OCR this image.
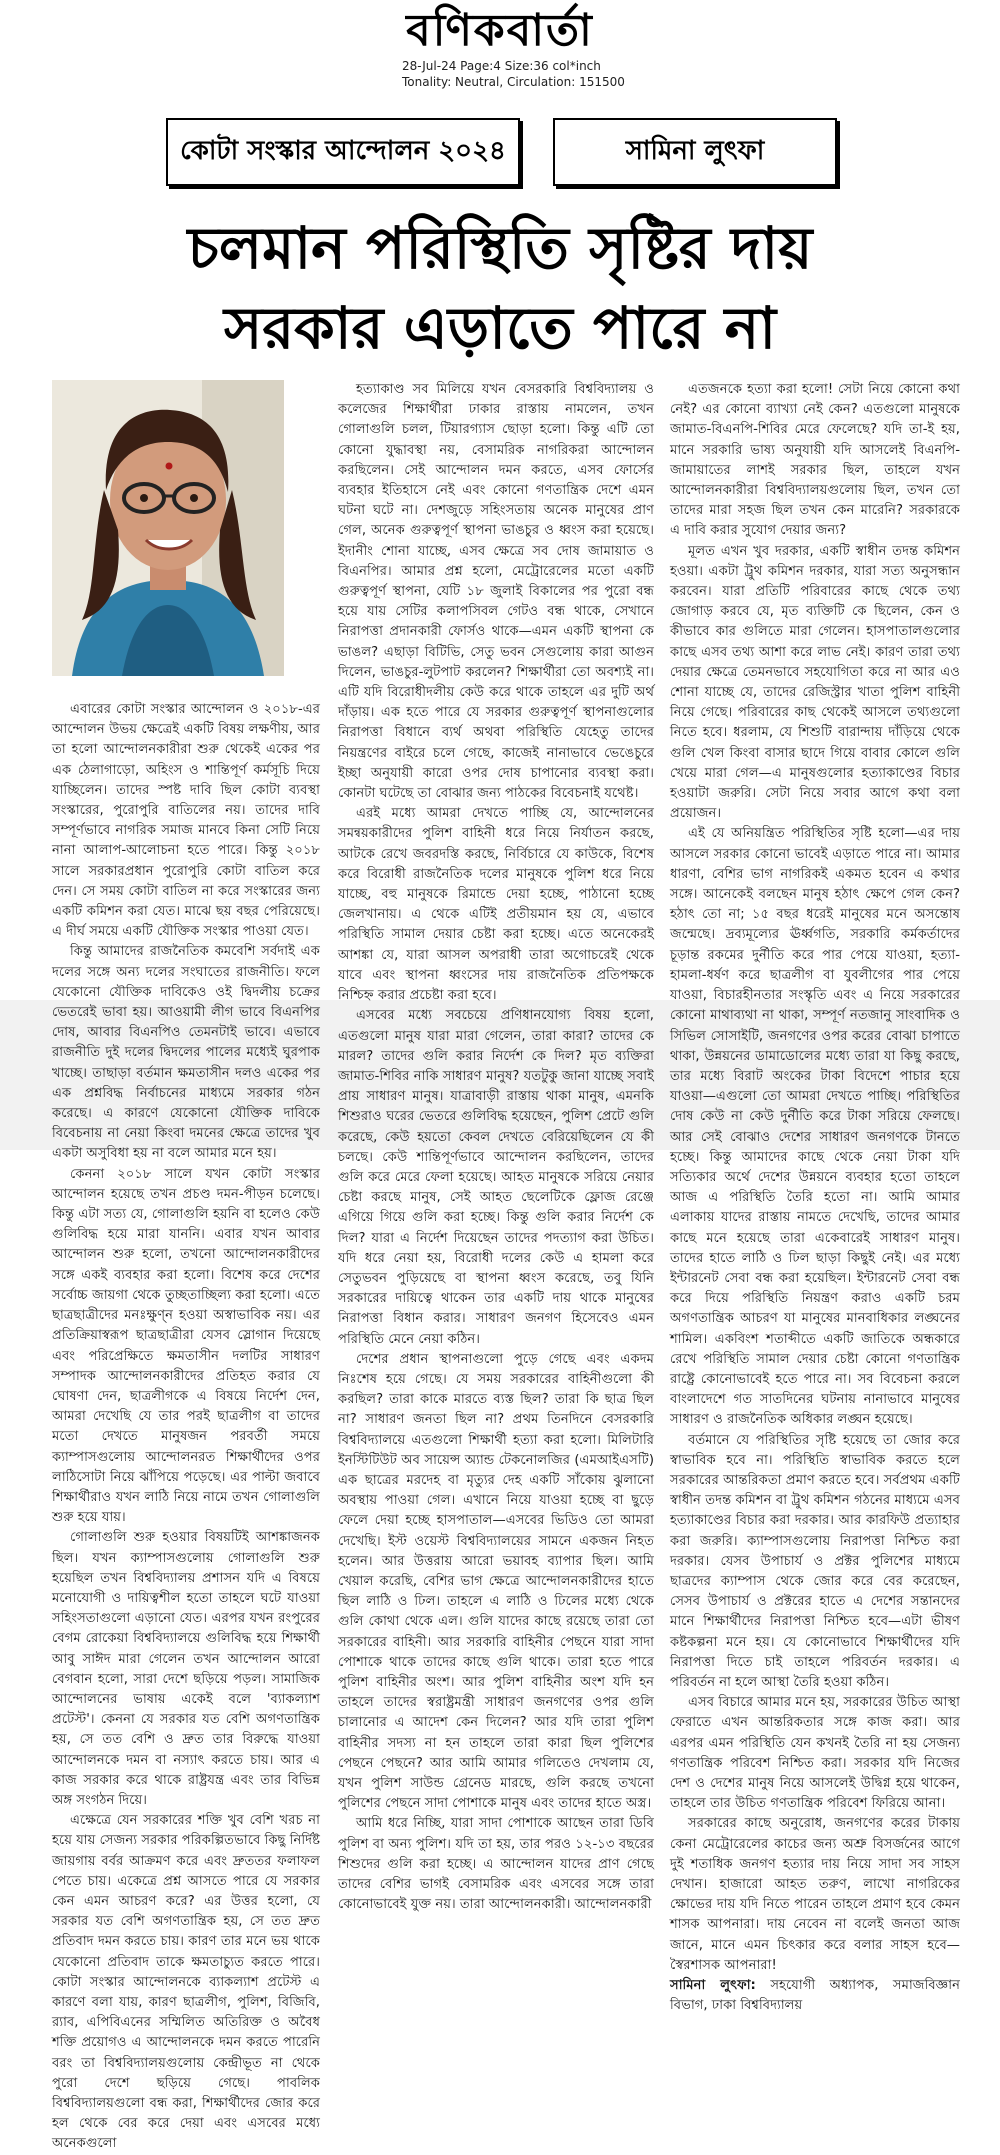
বণিকবার্তা
28-Jul-24 Page:4 Size:36 col*inch
Tonality: Neutral, Circulation: 151500
কোটা সংস্কার আন্দোলন ২০২৪	সামিনা লুৎফা
চলমান পরিস্থিতি সৃষ্টির দায়
সরকার এড়াতে পারে না

এবারের কোটা সংস্কার আন্দোলন ও ২০১৮-এর আন্দোলন উভয় ক্ষেত্রেই একটি বিষয় লক্ষণীয়, আর তা হলো আন্দোলনকারীরা শুরু থেকেই একের পর এক ঠেলাগাড়ো, অহিংস ও শান্তিপূর্ণ কর্মসূচি দিয়ে যাচ্ছিলেন। তাদের স্পষ্ট দাবি ছিল কোটা ব্যবস্থা সংস্কারের, পুরোপুরি বাতিলের নয়। তাদের দাবি সম্পূর্ণভাবে নাগরিক সমাজ মানবে কিনা সেটি নিয়ে নানা আলাপ-আলোচনা হতে পারে। কিন্তু ২০১৮ সালে সরকারপ্রধান পুরোপুরি কোটা বাতিল করে দেন। সে সময় কোটা বাতিল না করে সংস্কারের জন্য একটি কমিশন করা যেত। মাঝে ছয় বছর পেরিয়েছে। এ দীর্ঘ সময়ে একটি যৌক্তিক সংস্কার পাওয়া যেত।

কিন্তু আমাদের রাজনৈতিক কমবেশি সর্বদাই এক দলের সঙ্গে অন্য দলের সংঘাতের রাজনীতি। ফলে যেকোনো যৌক্তিক দাবিকেও ওই দ্বিদলীয় চক্রের ভেতরেই ভাবা হয়। আওয়ামী লীগ ভাবে বিএনপির দোষ, আবার বিএনপিও তেমনটাই ভাবে। এভাবে রাজনীতি দুই দলের দ্বিদলের পালের মধ্যেই ঘুরপাক খাচ্ছে। তাছাড়া বর্তমান ক্ষমতাসীন দলও একের পর এক প্রশ্নবিদ্ধ নির্বাচনের মাধ্যমে সরকার গঠন করেছে। এ কারণে যেকোনো যৌক্তিক দাবিকে বিবেচনায় না নেয়া কিংবা দমনের ক্ষেত্রে তাদের খুব একটা অসুবিধা হয় না বলে আমার মনে হয়।

কেননা ২০১৮ সালে যখন কোটা সংস্কার আন্দোলন হয়েছে তখন প্রচণ্ড দমন-পীড়ন চলেছে। কিন্তু এটা সত্য যে, গোলাগুলি হয়নি বা হলেও কেউ গুলিবিদ্ধ হয়ে মারা যাননি। এবার যখন আবার আন্দোলন শুরু হলো, তখনো আন্দোলনকারীদের সঙ্গে একই ব্যবহার করা হলো। বিশেষ করে দেশের সর্বোচ্চ জায়গা থেকে তুচ্ছতাচ্ছিল্য করা হলো। এতে ছাত্রছাত্রীদের মনঃক্ষুণ্ন হওয়া অস্বাভাবিক নয়। এর প্রতিক্রিয়াস্বরূপ ছাত্রছাত্রীরা যেসব স্লোগান দিয়েছে এবং পরিপ্রেক্ষিতে ক্ষমতাসীন দলটির সাধারণ সম্পাদক আন্দোলনকারীদের প্রতিহত করার যে ঘোষণা দেন, ছাত্রলীগকে এ বিষয়ে নির্দেশ দেন, আমরা দেখেছি যে তার পরই ছাত্রলীগ বা তাদের মতো দেখতে মানুষজন পরবর্তী সময়ে ক্যাম্পাসগুলোয় আন্দোলনরত শিক্ষার্থীদের ওপর লাঠিসোটা নিয়ে ঝাঁপিয়ে পড়েছে। এর পাল্টা জবাবে শিক্ষার্থীরাও যখন লাঠি নিয়ে নামে তখন গোলাগুলি শুরু হয়ে যায়।

গোলাগুলি শুরু হওয়ার বিষয়টিই আশঙ্কাজনক ছিল। যখন ক্যাম্পাসগুলোয় গোলাগুলি শুরু হয়েছিল তখন বিশ্ববিদ্যালয় প্রশাসন যদি এ বিষয়ে মনোযোগী ও দায়িত্বশীল হতো তাহলে ঘটে যাওয়া সহিংসতাগুলো এড়ানো যেত। এরপর যখন রংপুরের বেগম রোকেয়া বিশ্ববিদ্যালয়ে গুলিবিদ্ধ হয়ে শিক্ষার্থী আবু সাঈদ মারা গেলেন তখন আন্দোলন আরো বেগবান হলো, সারা দেশে ছড়িয়ে পড়ল। সামাজিক আন্দোলনের ভাষায় একেই বলে 'ব্যাকল্যাশ প্রটেস্ট'। কেননা যে সরকার যত বেশি অগণতান্ত্রিক হয়, সে তত বেশি ও দ্রুত তার বিরুদ্ধে যাওয়া আন্দোলনকে দমন বা নস্যাৎ করতে চায়। আর এ কাজ সরকার করে থাকে রাষ্ট্রযন্ত্র এবং তার বিভিন্ন অঙ্গ সংগঠন দিয়ে।

এক্ষেত্রে যেন সরকারের শক্তি খুব বেশি খরচ না হয়ে যায় সেজন্য সরকার পরিকল্পিতভাবে কিছু নির্দিষ্ট জায়গায় বর্বর আক্রমণ করে এবং দ্রুততর ফলাফল পেতে চায়। একেত্রে প্রশ্ন আসতে পারে যে সরকার কেন এমন আচরণ করে? এর উত্তর হলো, যে সরকার যত বেশি অগণতান্ত্রিক হয়, সে তত দ্রুত প্রতিবাদ দমন করতে চায়। কারণ তার মনে ভয় থাকে যেকোনো প্রতিবাদ তাকে ক্ষমতাচ্যুত করতে পারে। কোটা সংস্কার আন্দোলনকে ব্যাকল্যাশ প্রটেস্ট এ কারণে বলা যায়, কারণ ছাত্রলীগ, পুলিশ, বিজিবি, র‍্যাব, এপিবিএনের সম্মিলিত অতিরিক্ত ও অবৈধ শক্তি প্রয়োগও এ আন্দোলনকে দমন করতে পারেনি বরং তা বিশ্ববিদ্যালয়গুলোয় কেন্দ্রীভূত না থেকে পুরো দেশে ছড়িয়ে গেছে। পাবলিক বিশ্ববিদ্যালয়গুলো বন্ধ করা, শিক্ষার্থীদের জোর করে হল থেকে বের করে দেয়া এবং এসবের মধ্যে অনেকগুলো

হত্যাকাণ্ড সব মিলিয়ে যখন বেসরকারি বিশ্ববিদ্যালয় ও কলেজের শিক্ষার্থীরা ঢাকার রাস্তায় নামলেন, তখন গোলাগুলি চলল, টিয়ারগ্যাস ছোড়া হলো। কিন্তু এটি তো কোনো যুদ্ধাবস্থা নয়, বেসামরিক নাগরিকরা আন্দোলন করছিলেন। সেই আন্দোলন দমন করতে, এসব ফোর্সের ব্যবহার ইতিহাসে নেই এবং কোনো গণতান্ত্রিক দেশে এমন ঘটনা ঘটে না। দেশজুড়ে সহিংসতায় অনেক মানুষের প্রাণ গেল, অনেক গুরুত্বপূর্ণ স্থাপনা ভাঙচুর ও ধ্বংস করা হয়েছে। ইদানীং শোনা যাচ্ছে, এসব ক্ষেত্রে সব দোষ জামায়াত ও বিএনপির। আমার প্রশ্ন হলো, মেট্রোরেলের মতো একটি গুরুত্বপূর্ণ স্থাপনা, যেটি ১৮ জুলাই বিকালের পর পুরো বন্ধ হয়ে যায় সেটির কলাপসিবল গেটও বন্ধ থাকে, সেখানে নিরাপত্তা প্রদানকারী ফোর্সও থাকে—এমন একটি স্থাপনা কে ভাঙল? এছাড়া বিটিভি, সেতু ভবন সেগুলোয় কারা আগুন দিলেন, ভাঙচুর-লুটপাট করলেন? শিক্ষার্থীরা তো অবশ্যই না। এটি যদি বিরোধীদলীয় কেউ করে থাকে তাহলে এর দুটি অর্থ দাঁড়ায়। এক হতে পারে যে সরকার গুরুত্বপূর্ণ স্থাপনাগুলোর নিরাপত্তা বিধানে ব্যর্থ অথবা পরিস্থিতি যেহেতু তাদের নিয়ন্ত্রণের বাইরে চলে গেছে, কাজেই নানাভাবে ভেঙেচুরে ইচ্ছা অনুযায়ী কারো ওপর দোষ চাপানোর ব্যবস্থা করা। কোনটা ঘটেছে তা বোঝার জন্য পাঠকের বিবেচনাই যথেষ্ট।

এরই মধ্যে আমরা দেখতে পাচ্ছি যে, আন্দোলনের সমন্বয়কারীদের পুলিশ বাহিনী ধরে নিয়ে নির্যাতন করছে, আটকে রেখে জবরদস্তি করছে, নির্বিচারে যে কাউকে, বিশেষ করে বিরোধী রাজনৈতিক দলের মানুষকে পুলিশ ধরে নিয়ে যাচ্ছে, বহু মানুষকে রিমান্ডে দেয়া হচ্ছে, পাঠানো হচ্ছে জেলখানায়। এ থেকে এটিই প্রতীয়মান হয় যে, এভাবে পরিস্থিতি সামাল দেয়ার চেষ্টা করা হচ্ছে। এতে অনেকেরই আশঙ্কা যে, যারা আসল অপরাধী তারা অগোচরেই থেকে যাবে এবং স্থাপনা ধ্বংসের দায় রাজনৈতিক প্রতিপক্ষকে নিশ্চিহ্ন করার প্রচেষ্টা করা হবে।

এসবের মধ্যে সবচেয়ে প্রণিধানযোগ্য বিষয় হলো, এতগুলো মানুষ যারা মারা গেলেন, তারা কারা? তাদের কে মারল? তাদের গুলি করার নির্দেশ কে দিল? মৃত ব্যক্তিরা জামাত-শিবির নাকি সাধারণ মানুষ? যতটুকু জানা যাচ্ছে সবাই প্রায় সাধারণ মানুষ। যাত্রাবাড়ী রাস্তায় থাকা মানুষ, এমনকি শিশুরাও ঘরের ভেতরে গুলিবিদ্ধ হয়েছেন, পুলিশ প্রেটে গুলি করেছে, কেউ হয়তো কেবল দেখতে বেরিয়েছিলেন যে কী চলছে। কেউ শান্তিপূর্ণভাবে আন্দোলন করছিলেন, তাদের গুলি করে মেরে ফেলা হয়েছে। আহত মানুষকে সরিয়ে নেয়ার চেষ্টা করছে মানুষ, সেই আহত ছেলেটিকে ফ্লোজ রেঞ্জে এগিয়ে গিয়ে গুলি করা হচ্ছে। কিন্তু গুলি করার নির্দেশ কে দিল? যারা এ নির্দেশ দিয়েছেন তাদের পদত্যাগ করা উচিত। যদি ধরে নেয়া হয়, বিরোধী দলের কেউ এ হামলা করে সেতুভবন পুড়িয়েছে বা স্থাপনা ধ্বংস করেছে, তবু যিনি সরকারের দায়িত্বে থাকেন তার একটি দায় থাকে মানুষের নিরাপত্তা বিধান করার। সাধারণ জনগণ হিসেবেও এমন পরিস্থিতি মেনে নেয়া কঠিন।

দেশের প্রধান স্থাপনাগুলো পুড়ে গেছে এবং একদম নিঃশেষ হয়ে গেছে। যে সময় সরকারের বাহিনীগুলো কী করছিল? তারা কাকে মারতে ব্যস্ত ছিল? তারা কি ছাত্র ছিল না? সাধারণ জনতা ছিল না? প্রথম তিনদিনে বেসরকারি বিশ্ববিদ্যালয়ে এতগুলো শিক্ষার্থী হত্যা করা হলো। মিলিটারি ইনস্টিটিউট অব সায়েন্স অ্যান্ড টেকনোলজির (এমআইএসটি) এক ছাত্রের মরদেহ বা মৃত্যুর দেহ একটি সাঁকোয় ঝুলানো অবস্থায় পাওয়া গেল। এখানে নিয়ে যাওয়া হচ্ছে বা ছুড়ে ফেলে দেয়া হচ্ছে হাসপাতাল—এসবের ভিডিও তো আমরা দেখেছি। ইস্ট ওয়েস্ট বিশ্ববিদ্যালয়ের সামনে একজন নিহত হলেন। আর উত্তরায় আরো ভয়াবহ ব্যাপার ছিল। আমি খেয়াল করেছি, বেশির ভাগ ক্ষেত্রে আন্দোলনকারীদের হাতে ছিল লাঠি ও ঢিল। তাহলে এ লাঠি ও ঢিলের মধ্যে থেকে গুলি কোথা থেকে এল। গুলি যাদের কাছে রয়েছে তারা তো সরকারের বাহিনী। আর সরকারি বাহিনীর পেছনে যারা সাদা পোশাকে থাকে তাদের কাছে গুলি থাকে। তারা হতে পারে পুলিশ বাহিনীর অংশ। আর পুলিশ বাহিনীর অংশ যদি হন তাহলে তাদের স্বরাষ্ট্রমন্ত্রী সাধারণ জনগণের ওপর গুলি চালানোর এ আদেশ কেন দিলেন? আর যদি তারা পুলিশ বাহিনীর সদস্য না হন তাহলে তারা কারা ছিল পুলিশের পেছনে পেছনে? আর আমি আমার গলিতেও দেখলাম যে, যখন পুলিশ সাউন্ড গ্রেনেড মারছে, গুলি করছে তখনো পুলিশের পেছনে সাদা পোশাকে মানুষ এবং তাদের হাতে অস্ত্র।

আমি ধরে নিচ্ছি, যারা সাদা পোশাকে আছেন তারা ডিবি পুলিশ বা অন্য পুলিশ। যদি তা হয়, তার পরও ১২-১৩ বছরের শিশুদের গুলি করা হচ্ছে। এ আন্দোলন যাদের প্রাণ গেছে তাদের বেশির ভাগই বেসামরিক এবং এসবের সঙ্গে তারা কোনোভাবেই যুক্ত নয়। তারা আন্দোলনকারী। আন্দোলনকারী

এতজনকে হত্যা করা হলো! সেটা নিয়ে কোনো কথা নেই? এর কোনো ব্যাখ্যা নেই কেন? এতগুলো মানুষকে জামাত-বিএনপি-শিবির মেরে ফেলেছে? যদি তা-ই হয়, মানে সরকারি ভাষ্য অনুযায়ী যদি আসলেই বিএনপি-জামায়াতের লাশই সরকার ছিল, তাহলে যখন আন্দোলনকারীরা বিশ্ববিদ্যালয়গুলোয় ছিল, তখন তো তাদের মারা সহজ ছিল তখন কেন মারেনি? সরকারকে এ দাবি করার সুযোগ দেয়ার জন্য?

মূলত এখন খুব দরকার, একটি স্বাধীন তদন্ত কমিশন হওয়া। একটা ট্রুথ কমিশন দরকার, যারা সত্য অনুসন্ধান করবেন। যারা প্রতিটি পরিবারের কাছে থেকে তথ্য জোগাড় করবে যে, মৃত ব্যক্তিটি কে ছিলেন, কেন ও কীভাবে কার গুলিতে মারা গেলেন। হাসপাতালগুলোর কাছে এসব তথ্য আশা করে লাভ নেই। কারণ তারা তথ্য দেয়ার ক্ষেত্রে তেমনভাবে সহযোগিতা করে না আর এও শোনা যাচ্ছে যে, তাদের রেজিস্ট্রার খাতা পুলিশ বাহিনী নিয়ে গেছে। পরিবারের কাছ থেকেই আসলে তথ্যগুলো নিতে হবে। ধরলাম, যে শিশুটি বারান্দায় দাঁড়িয়ে থেকে গুলি খেল কিংবা বাসার ছাদে গিয়ে বাবার কোলে গুলি খেয়ে মারা গেল—এ মানুষগুলোর হত্যাকাণ্ডের বিচার হওয়াটা জরুরি। সেটা নিয়ে সবার আগে কথা বলা প্রয়োজন।

এই যে অনিয়ন্ত্রিত পরিস্থিতির সৃষ্টি হলো—এর দায় আসলে সরকার কোনো ভাবেই এড়াতে পারে না। আমার ধারণা, বেশির ভাগ নাগরিকই একমত হবেন এ কথার সঙ্গে। আনেকেই বলছেন মানুষ হঠাৎ ক্ষেপে গেল কেন? হঠাৎ তো না; ১৫ বছর ধরেই মানুষের মনে অসন্তোষ জন্মেছে। দ্রব্যমূল্যের ঊর্ধ্বগতি, সরকারি কর্মকর্তাদের চূড়ান্ত রকমের দুর্নীতি করে পার পেয়ে যাওয়া, হত্যা-হামলা-ধর্ষণ করে ছাত্রলীগ বা যুবলীগের পার পেয়ে যাওয়া, বিচারহীনতার সংস্কৃতি এবং এ নিয়ে সরকারের কোনো মাথাব্যথা না থাকা, সম্পূর্ণ নতজানু সাংবাদিক ও সিভিল সোসাইটি, জনগণের ওপর করের বোঝা চাপাতে থাকা, উন্নয়নের ডামাডোলের মধ্যে তারা যা কিছু করছে, তার মধ্যে বিরাট অংকের টাকা বিদেশে পাচার হয়ে যাওয়া—এগুলো তো আমরা দেখতে পাচ্ছি। পরিস্থিতির দোষ কেউ না কেউ দুর্নীতি করে টাকা সরিয়ে ফেলছে। আর সেই বোঝাও দেশের সাধারণ জনগণকে টানতে হচ্ছে। কিন্তু আমাদের কাছে থেকে নেয়া টাকা যদি সত্যিকার অর্থে দেশের উন্নয়নে ব্যবহার হতো তাহলে আজ এ পরিস্থিতি তৈরি হতো না। আমি আমার এলাকায় যাদের রাস্তায় নামতে দেখেছি, তাদের আমার কাছে মনে হয়েছে তারা একেবারেই সাধারণ মানুষ। তাদের হাতে লাঠি ও ঢিল ছাড়া কিছুই নেই। এর মধ্যে ইন্টারনেট সেবা বন্ধ করা হয়েছিল। ইন্টারনেট সেবা বন্ধ করে দিয়ে পরিস্থিতি নিয়ন্ত্রণ করাও একটি চরম অগণতান্ত্রিক আচরণ যা মানুষের মানবাধিকার লঙ্ঘনের শামিল। একবিংশ শতাব্দীতে একটি জাতিকে অন্ধকারে রেখে পরিস্থিতি সামাল দেয়ার চেষ্টা কোনো গণতান্ত্রিক রাষ্ট্রে কোনোভাবেই হতে পারে না। সব বিবেচনা করলে বাংলাদেশে গত সাতদিনের ঘটনায় নানাভাবে মানুষের সাধারণ ও রাজনৈতিক অধিকার লঙ্ঘন হয়েছে।

বর্তমানে যে পরিস্থিতির সৃষ্টি হয়েছে তা জোর করে স্বাভাবিক হবে না। পরিস্থিতি স্বাভাবিক করতে হলে সরকারের আন্তরিকতা প্রমাণ করতে হবে। সর্বপ্রথম একটি স্বাধীন তদন্ত কমিশন বা ট্রুথ কমিশন গঠনের মাধ্যমে এসব হত্যাকাণ্ডের বিচার করা দরকার। আর কারফিউ প্রত্যাহার করা জরুরি। ক্যাম্পাসগুলোয় নিরাপত্তা নিশ্চিত করা দরকার। যেসব উপাচার্য ও প্রক্টর পুলিশের মাধ্যমে ছাত্রদের ক্যাম্পাস থেকে জোর করে বের করেছেন, সেসব উপাচার্য ও প্রক্টরের হাতে এ দেশের সন্তানদের মানে শিক্ষার্থীদের নিরাপত্তা নিশ্চিত হবে—এটা ভীষণ কষ্টকল্পনা মনে হয়। যে কোনোভাবে শিক্ষার্থীদের যদি নিরাপত্তা দিতে চাই তাহলে পরিবর্তন দরকার। এ পরিবর্তন না হলে আস্থা তৈরি হওয়া কঠিন।

এসব বিচারে আমার মনে হয়, সরকারের উচিত আস্থা ফেরাতে এখন আন্তরিকতার সঙ্গে কাজ করা। আর এরপর এমন পরিস্থিতি যেন কখনই তৈরি না হয় সেজন্য গণতান্ত্রিক পরিবেশ নিশ্চিত করা। সরকার যদি নিজের দেশ ও দেশের মানুষ নিয়ে আসলেই উদ্বিগ্ন হয়ে থাকেন, তাহলে তার উচিত গণতান্ত্রিক পরিবেশ ফিরিয়ে আনা।

সরকারের কাছে অনুরোধ, জনগণের করের টাকায় কেনা মেট্রোরেলের কাচের জন্য অশ্রু বিসর্জনের আগে দুই শতাধিক জনগণ হত্যার দায় নিয়ে সাদা সব সাহস দেখান। হাজারো আহত তরুণ, লাখো নাগরিকের ক্ষোভের দায় যদি নিতে পারেন তাহলে প্রমাণ হবে কেমন শাসক আপনারা। দায় নেবেন না বলেই জনতা আজ জানে, মানে এমন চিৎকার করে বলার সাহস হবে—স্বৈরশাসক আপনারা!

সামিনা লুৎফা: সহযোগী অধ্যাপক, সমাজবিজ্ঞান বিভাগ, ঢাকা বিশ্ববিদ্যালয়
